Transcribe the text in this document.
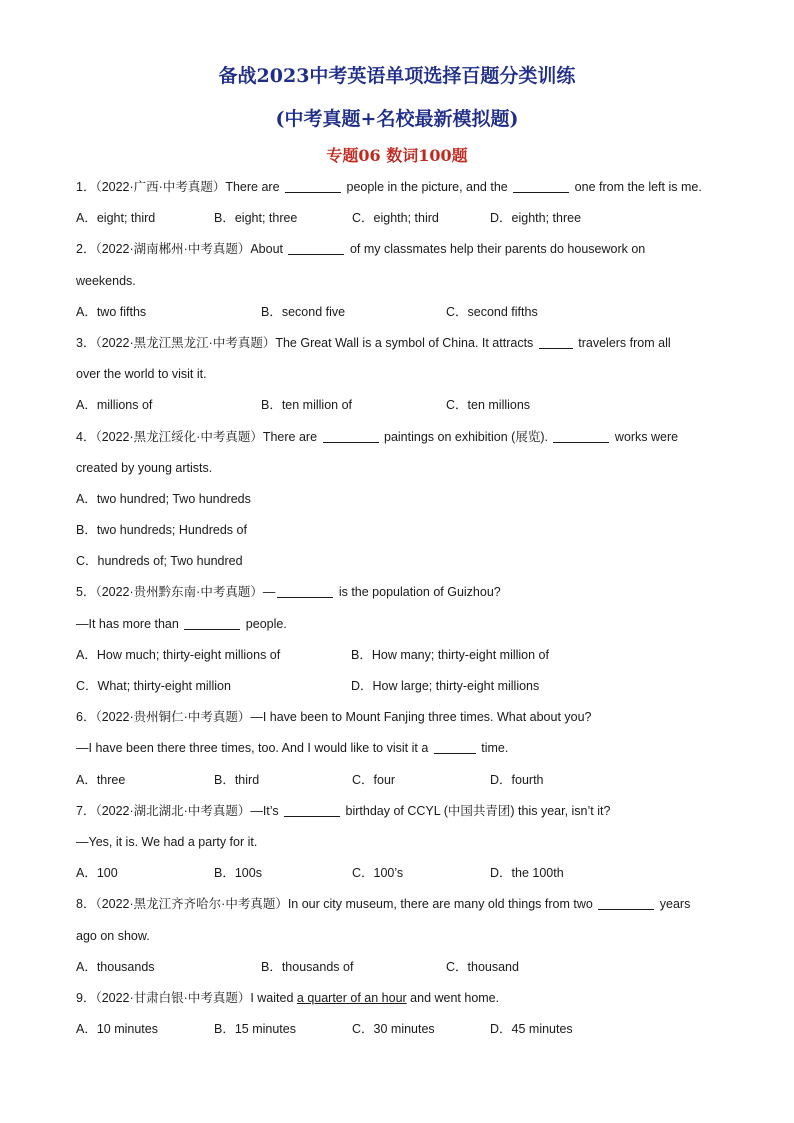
备战2023中考英语单项选择百题分类训练
(中考真题+名校最新模拟题)
专题06 数词100题
1．（2022·广西·中考真题）There are	people in the picture, and the	one from the left is me.
A．eight; third	B．eight; three	C．eighth; third	D．eighth; three
2．（2022·湖南郴州·中考真题）About	of my classmates help their parents do housework on
weekends.
A．two fifths	B．second five	C．second fifths
3．（2022·黑龙江黑龙江·中考真题）The Great Wall is a symbol of China. It attracts	travelers from all
over the world to visit it.
A．millions of	B．ten million of	C．ten millions
4．（2022·黑龙江绥化·中考真题）There are	paintings on exhibition (展览).	works were
created by young artists.
A．two hundred; Two hundreds
B．two hundreds; Hundreds of
C．hundreds of; Two hundred
5．（2022·贵州黔东南·中考真题）—	is the population of Guizhou?
—It has more than	people.
A．How much; thirty-eight millions of	B．How many; thirty-eight million of
C．What; thirty-eight million	D．How large; thirty-eight millions
6．（2022·贵州铜仁·中考真题）—I have been to Mount Fanjing three times. What about you?
—I have been there three times, too. And I would like to visit it a	time.
A．three	B．third	C．four	D．fourth
7．（2022·湖北湖北·中考真题）—It’s	birthday of CCYL (中国共青团) this year, isn’t it?
—Yes, it is. We had a party for it.
A．100	B．100s	C．100’s	D．the 100th
8．（2022·黑龙江齐齐哈尔·中考真题）In our city museum, there are many old things from two	years
ago on show.
A．thousands	B．thousands of	C．thousand
9．（2022·甘肃白银·中考真题）I waited a quarter of an hour and went home.
A．10 minutes	B．15 minutes	C．30 minutes	D．45 minutes
